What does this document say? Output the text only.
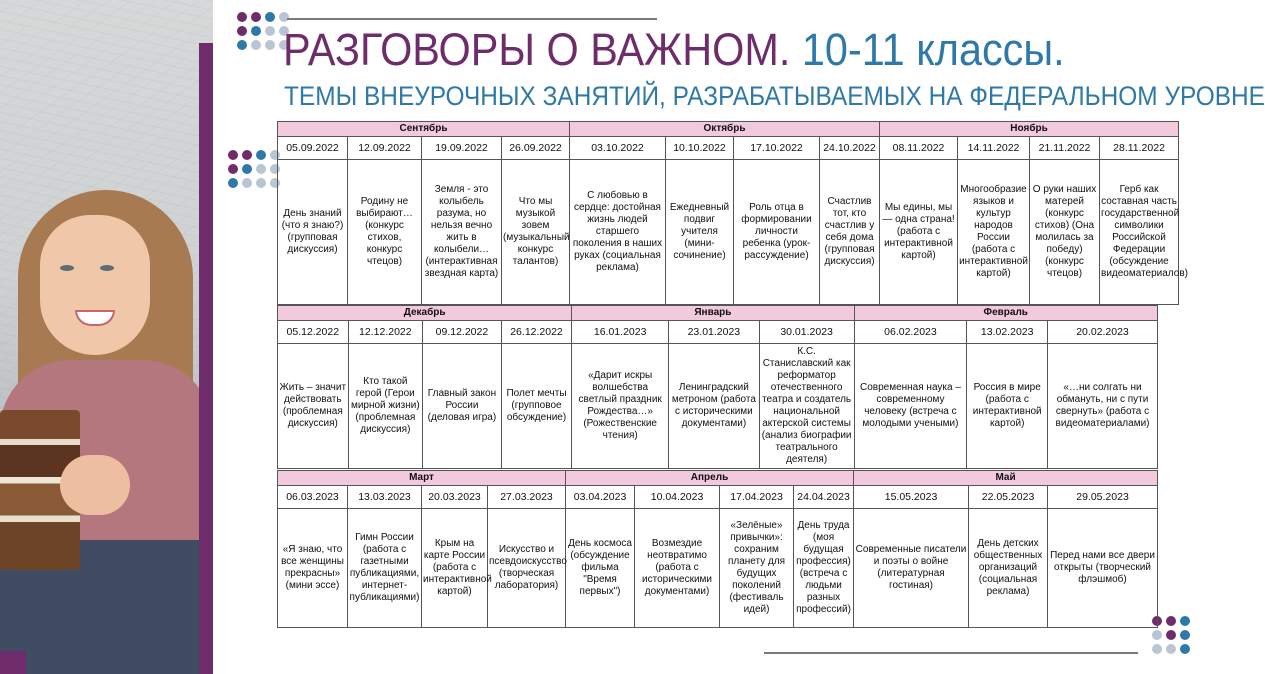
РАЗГОВОРЫ О ВАЖНОМ. 10-11 классы.
ТЕМЫ ВНЕУРОЧНЫХ ЗАНЯТИЙ, РАЗРАБАТЫВАЕМЫХ НА ФЕДЕРАЛЬНОМ УРОВНЕ
Сентябрь				Октябрь				Ноябрь			
05.09.2022	12.09.2022	19.09.2022	26.09.2022	03.10.2022	10.10.2022	17.10.2022	24.10.2022	08.11.2022	14.11.2022	21.11.2022	28.11.2022
День знаний (что я знаю?) (групповая дискуссия)	Родину не выбирают… (конкурс стихов, конкурс чтецов)	Земля - это колыбель разума, но нельзя вечно жить в колыбели… (интерактивная звездная карта)	Что мы музыкой зовем (музыкальный конкурс талантов)	С любовью в сердце: достойная жизнь людей старшего поколения в наших руках (социальная реклама)	Ежедневный подвиг учителя (мини-сочинение)	Роль отца в формировании личности ребенка (урок-рассуждение)	Счастлив тот, кто счастлив у себя дома (групповая дискуссия)	Мы едины, мы — одна страна! (работа с интерактивной картой)	Многообразие языков и культур народов России (работа с интерактивной картой)	О руки наших матерей (конкурс стихов) (Она молилась за победу) (конкурс чтецов)	Герб как составная часть государственной символики Российской Федерации (обсуждение видеоматериалов)
Декабрь				Январь			Февраль		
05.12.2022	12.12.2022	09.12.2022	26.12.2022	16.01.2023	23.01.2023	30.01.2023	06.02.2023	13.02.2023	20.02.2023
Жить – значит действовать (проблемная дискуссия)	Кто такой герой (Герои мирной жизни) (проблемная дискуссия)	Главный закон России (деловая игра)	Полет мечты (групповое обсуждение)	«Дарит искры волшебства светлый праздник Рождества…» (Рожественские чтения)	Ленинградский метроном (работа с историческими документами)	К.С. Станиславский как реформатор отечественного театра и создатель национальной актерской системы (анализ биографии театрального деятеля)	Современная наука – современному человеку (встреча с молодыми учеными)	Россия в мире (работа с интерактивной картой)	«…ни солгать ни обмануть, ни с пути свернуть» (работа с видеоматериалами)
Март				Апрель				Май		
06.03.2023	13.03.2023	20.03.2023	27.03.2023	03.04.2023	10.04.2023	17.04.2023	24.04.2023	15.05.2023	22.05.2023	29.05.2023
«Я знаю, что все женщины прекрасны» (мини эссе)	Гимн России (работа с газетными публикациями, интернет-публикациями)	Крым на карте России (работа с интерактивной картой)	Искусство и псевдоискусство (творческая лаборатория)	День космоса (обсуждение фильма "Время первых")	Возмездие неотвратимо (работа с историческими документами)	«Зелёные» привычки»: сохраним планету для будущих поколений (фестиваль идей)	День труда (моя будущая профессия) (встреча с людьми разных профессий)	Современные писатели и поэты о войне (литературная гостиная)	День детских общественных организаций (социальная реклама)	Перед нами все двери открыты (творческий флэшмоб)
